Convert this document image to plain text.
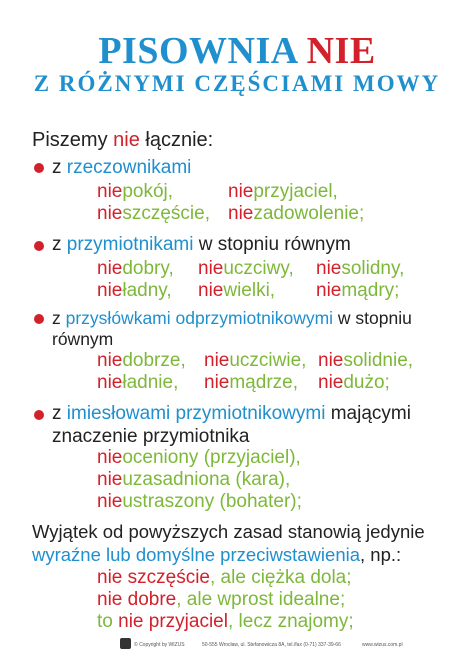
PISOWNIA NIE
Z RÓŻNYMI CZĘŚCIAMI MOWY
Piszemy nie łącznie:
z rzeczownikami
niepokój,	nieprzyjaciel,
nieszczęście, niezadowolenie;
z przymiotnikami w stopniu równym
niedobry, nieuczciwy, niesolidny,
nieładny, niewielki, niemądry;
z przysłówkami odprzymiotnikowymi w stopniu
równym
niedobrze, nieuczciwie, niesolidnie,
nieładnie, niemądrze, niedużo;
z imiesłowami przymiotnikowymi mającymi
znaczenie przymiotnika
nieoceniony (przyjaciel),
nieuzasadniona (kara),
nieustraszony (bohater);
Wyjątek od powyższych zasad stanowią jedynie
wyraźne lub domyślne przeciwstawienia, np.:
nie szczęście, ale ciężka dola;
nie dobre, ale wprost idealne;
to nie przyjaciel, lecz znajomy;
© Copyright by WIZUS	50-555 Wrocław, ul. Stefanowicza 8A, tel./fax (0-71) 337-39-66	www.wizus.com.pl
